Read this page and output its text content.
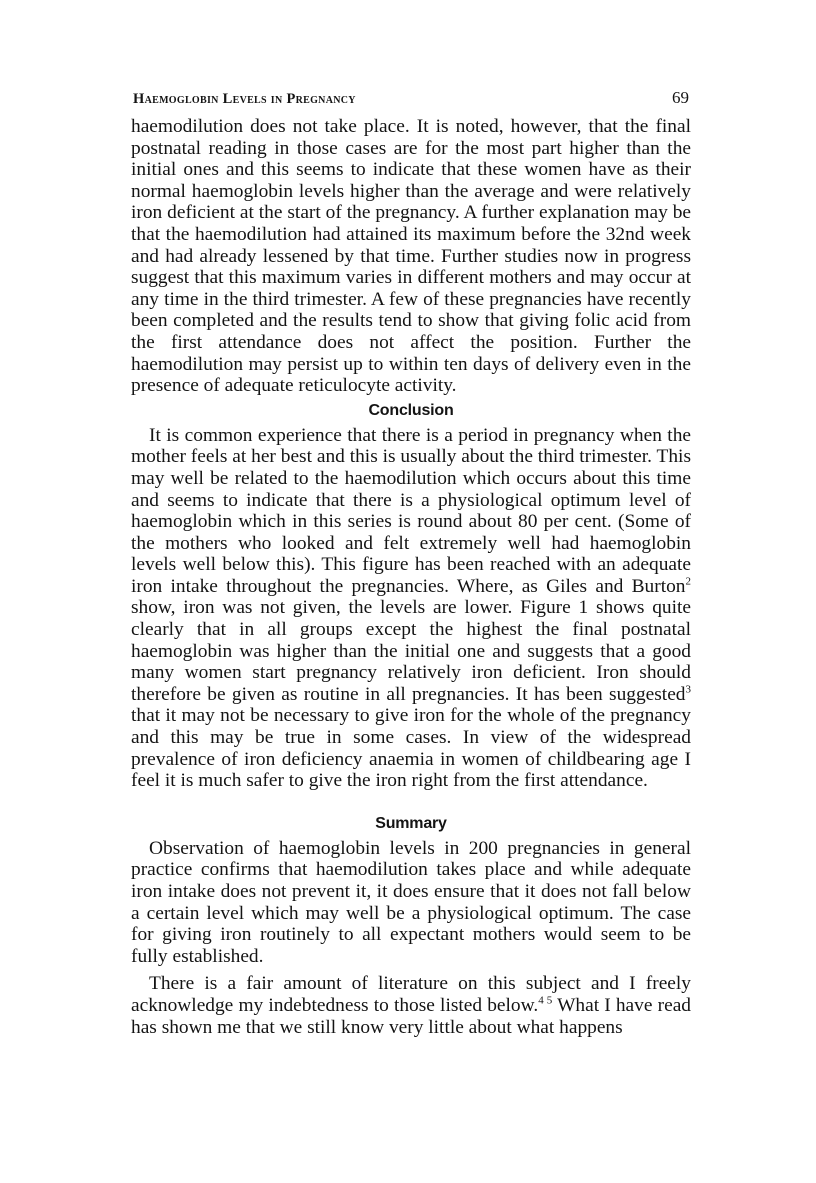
Haemoglobin Levels in Pregnancy	69

haemodilution does not take place. It is noted, however, that the final postnatal reading in those cases are for the most part higher than the initial ones and this seems to indicate that these women have as their normal haemoglobin levels higher than the average and were relatively iron deficient at the start of the pregnancy. A further explanation may be that the haemodilution had attained its maximum before the 32nd week and had already lessened by that time. Further studies now in progress suggest that this maximum varies in different mothers and may occur at any time in the third trimester. A few of these pregnancies have recently been completed and the results tend to show that giving folic acid from the first attendance does not affect the position. Further the haemodilution may persist up to within ten days of delivery even in the presence of adequate reticulocyte activity.

Conclusion

It is common experience that there is a period in pregnancy when the mother feels at her best and this is usually about the third trimester. This may well be related to the haemodilution which occurs about this time and seems to indicate that there is a physiological optimum level of haemoglobin which in this series is round about 80 per cent. (Some of the mothers who looked and felt extremely well had haemoglobin levels well below this). This figure has been reached with an adequate iron intake throughout the pregnancies. Where, as Giles and Burton$^2$ show, iron was not given, the levels are lower. Figure 1 shows quite clearly that in all groups except the highest the final postnatal haemoglobin was higher than the initial one and suggests that a good many women start pregnancy relatively iron deficient. Iron should therefore be given as routine in all pregnancies. It has been suggested$^3$ that it may not be necessary to give iron for the whole of the pregnancy and this may be true in some cases. In view of the widespread prevalence of iron deficiency anaemia in women of childbearing age I feel it is much safer to give the iron right from the first attendance.

Summary

Observation of haemoglobin levels in 200 pregnancies in general practice confirms that haemodilution takes place and while adequate iron intake does not prevent it, it does ensure that it does not fall below a certain level which may well be a physiological optimum. The case for giving iron routinely to all expectant mothers would seem to be fully established.

There is a fair amount of literature on this subject and I freely acknowledge my indebtedness to those listed below.$^{4 5}$ What I have read has shown me that we still know very little about what happens
